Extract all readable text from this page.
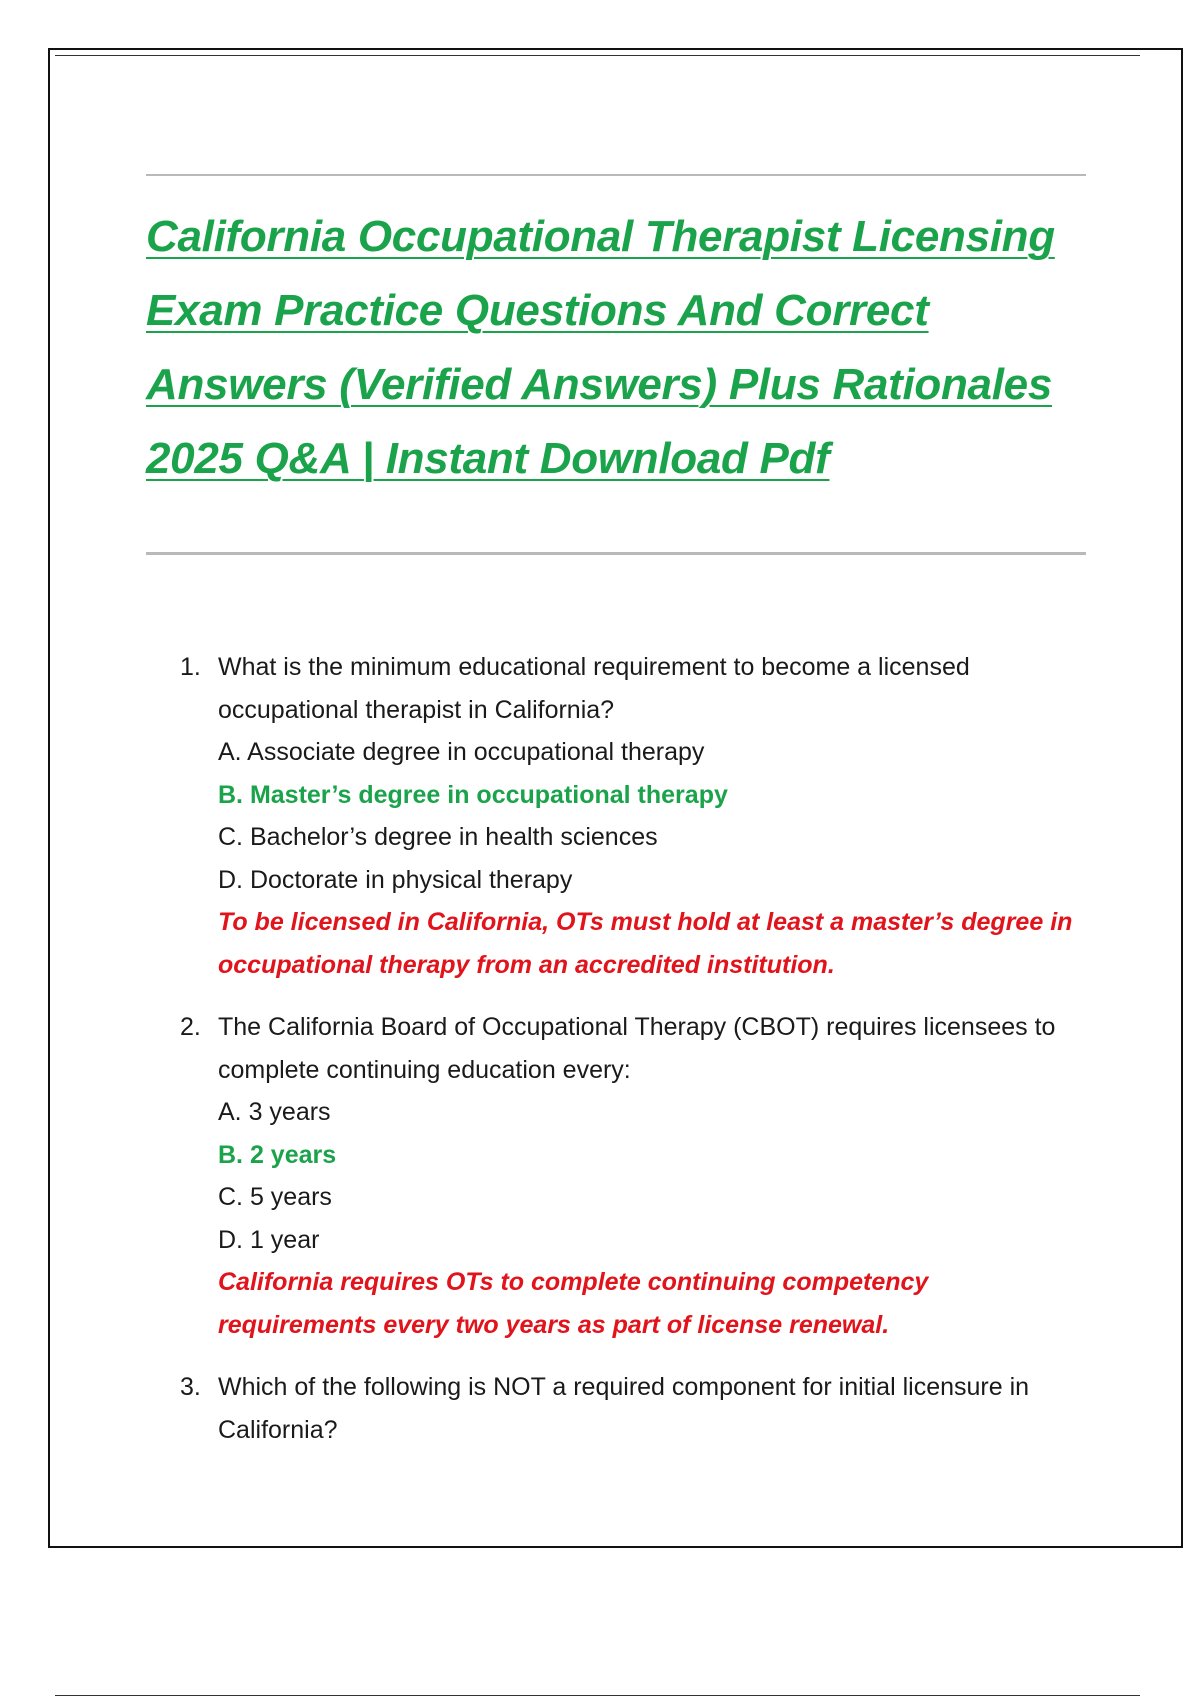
California Occupational Therapist Licensing Exam Practice Questions And Correct Answers (Verified Answers) Plus Rationales 2025 Q&A | Instant Download Pdf
1. What is the minimum educational requirement to become a licensed occupational therapist in California?
A. Associate degree in occupational therapy
B. Master’s degree in occupational therapy
C. Bachelor’s degree in health sciences
D. Doctorate in physical therapy
To be licensed in California, OTs must hold at least a master’s degree in occupational therapy from an accredited institution.
2. The California Board of Occupational Therapy (CBOT) requires licensees to complete continuing education every:
A. 3 years
B. 2 years
C. 5 years
D. 1 year
California requires OTs to complete continuing competency requirements every two years as part of license renewal.
3. Which of the following is NOT a required component for initial licensure in California?
